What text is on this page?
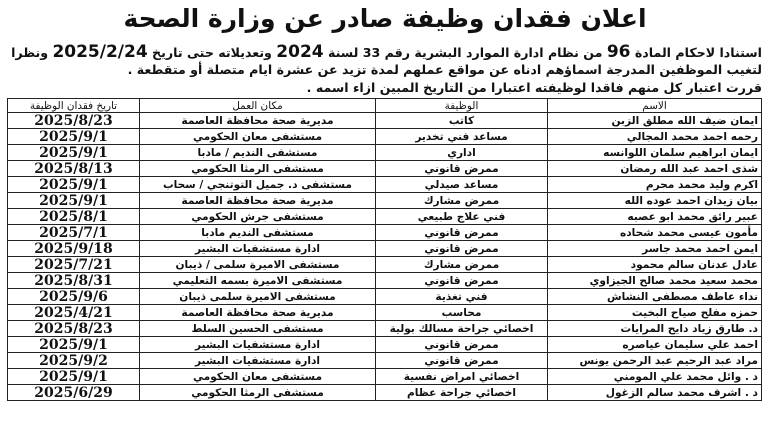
اعلان فقدان وظيفة صادر عن وزارة الصحة

استنادا لاحكام المادة 96 من نظام ادارة الموارد البشرية رقم 33 لسنة 2024 وتعديلاته حتى تاريخ 2025/2/24 ونظرا

لتغيب الموظفين المدرجة اسماؤهم ادناه عن مواقع عملهم لمدة تزيد عن عشرة ايام متصلة أو متقطعة .

قررت اعتبار كل منهم فاقدا لوظيفته اعتبارا من التاريخ المبين ازاء اسمه .

الاسم	الوظيفة	مكان العمل	تاريخ فقدان الوظيفة
ايمان ضيف الله مطلق الزبن	كاتب	مديرية صحة محافظة العاصمة	2025/8/23
رحمه احمد محمد المجالي	مساعد فني تخدير	مستشفى معان الحكومي	2025/9/1
ايمان ابراهيم سلمان اللوانسه	اداري	مستشفى النديم / مادبا	2025/9/1
شذى احمد عبد الله رمضان	ممرض قانوني	مستشفى الرمثا الحكومي	2025/8/13
اكرم وليد محمد محرم	مساعد صيدلي	مستشفى د. جميل التوتنجي / سحاب	2025/9/1
بيان زيدان احمد عوده الله	ممرض مشارك	مديرية صحة محافظة العاصمة	2025/9/1
عبير رائق محمد ابو عصبه	فني علاج طبيعي	مستشفى جرش الحكومي	2025/8/1
مأمون عيسى محمد شحاده	ممرض قانوني	مستشفى النديم مادبا	2025/7/1
ايمن احمد محمد جاسر	ممرض قانوني	ادارة مستشفيات البشير	2025/9/18
عادل عدنان سالم محمود	ممرض مشارك	مستشفى الاميرة سلمى / ذيبان	2025/7/21
محمد سعيد محمد صالح الجيزاوي	ممرض قانوني	مستشفى الاميرة بسمه التعليمي	2025/8/31
نداء عاطف مصطفى النشاش	فني تغذية	مستشفى الاميرة سلمى ذيبان	2025/9/6
حمزه مفلح صياح البخيت	محاسب	مديرية صحة محافظة العاصمة	2025/4/21
د. طارق زياد دايح المرايات	اخصائي جراحة مسالك بولية	مستشفى الحسين السلط	2025/8/23
احمد علي سليمان عياصره	ممرض قانوني	ادارة مستشفيات البشير	2025/9/1
مراد عبد الرحيم عبد الرحمن يونس	ممرض قانوني	ادارة مستشفيات البشير	2025/9/2
د . وائل محمد علي المومني	اخصائي امراض نفسية	مستشفى معان الحكومي	2025/9/1
د . اشرف محمد سالم الزغول	اخصائي جراحة عظام	مستشفى الرمثا الحكومي	2025/6/29
